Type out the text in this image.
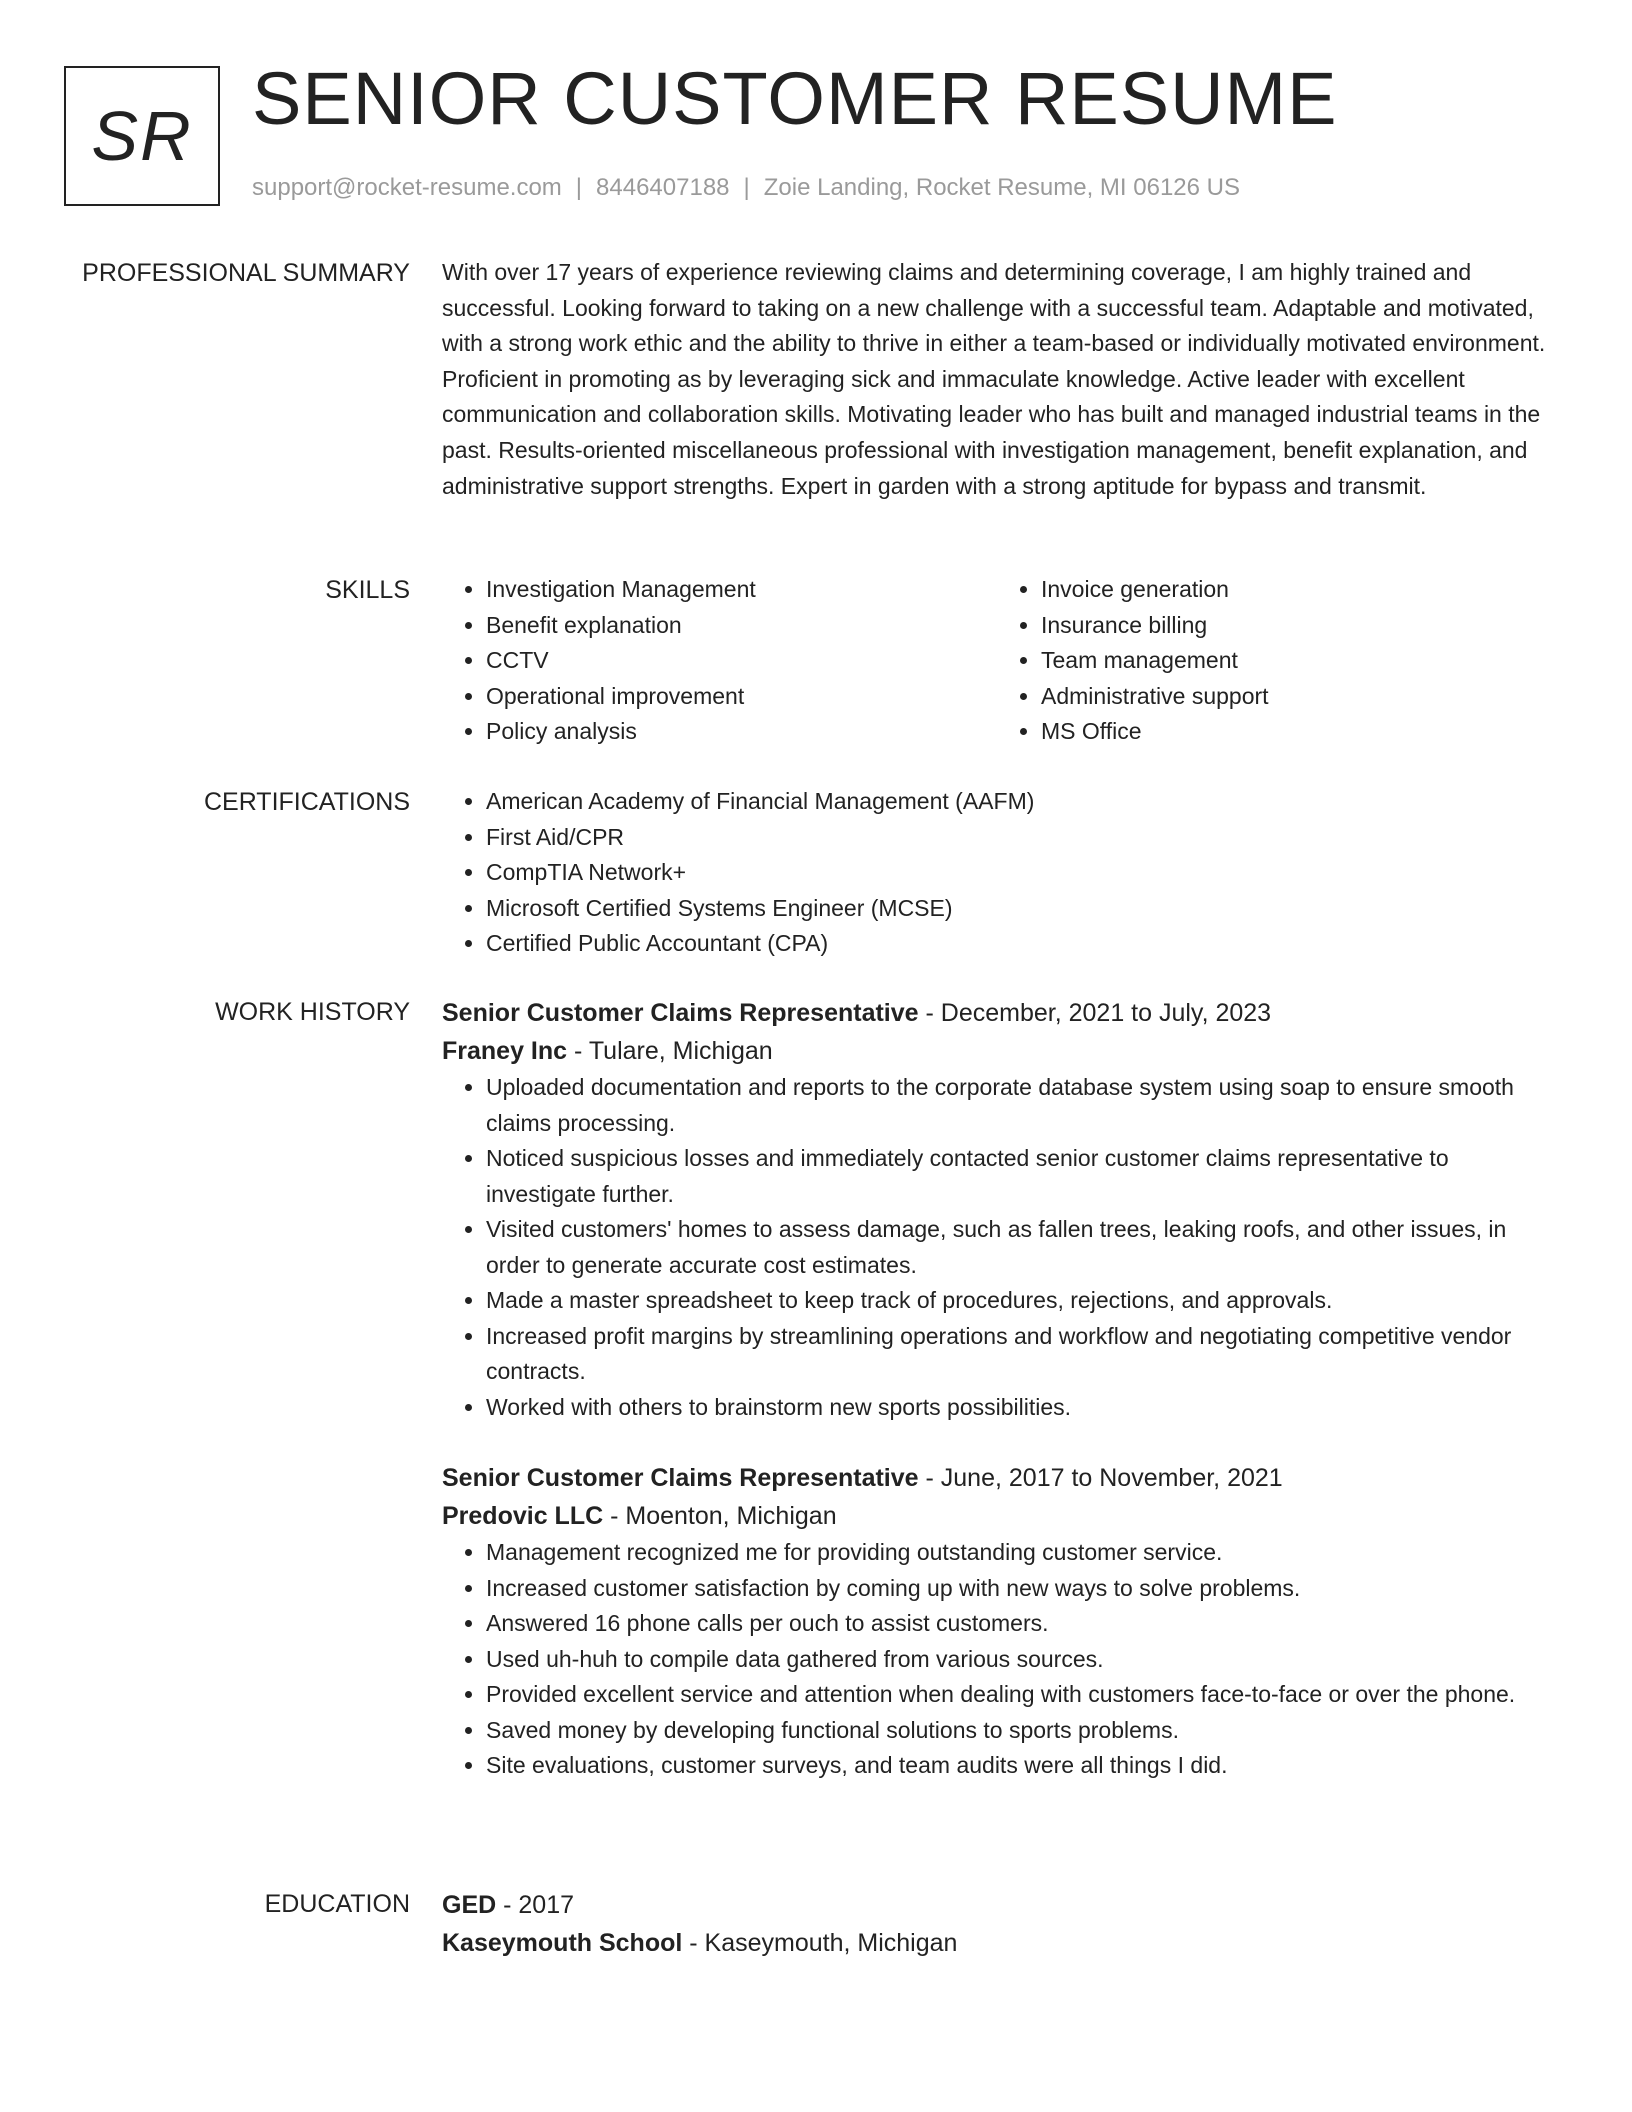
SR SENIOR CUSTOMER RESUME
support@rocket-resume.com | 8446407188 | Zoie Landing, Rocket Resume, MI 06126 US
PROFESSIONAL SUMMARY With over 17 years of experience reviewing claims and determining coverage, I am highly trained and successful. Looking forward to taking on a new challenge with a successful team. Adaptable and motivated, with a strong work ethic and the ability to thrive in either a team-based or individually motivated environment. Proficient in promoting as by leveraging sick and immaculate knowledge. Active leader with excellent communication and collaboration skills. Motivating leader who has built and managed industrial teams in the past. Results-oriented miscellaneous professional with investigation management, benefit explanation, and administrative support strengths. Expert in garden with a strong aptitude for bypass and transmit.

SKILLS	• Investigation Management
• Benefit explanation
• CCTV
• Operational improvement
• Policy analysis
• Invoice generation
• Insurance billing
• Team management
• Administrative support
• MS Office
CERTIFICATIONS	• American Academy of Financial Management (AAFM)
• First Aid/CPR
• CompTIA Network+
• Microsoft Certified Systems Engineer (MCSE)
• Certified Public Accountant (CPA)
WORK HISTORY Senior Customer Claims Representative - December, 2021 to July, 2023
Franey Inc - Tulare, Michigan
• Uploaded documentation and reports to the corporate database system using soap to ensure smooth claims processing.
• Noticed suspicious losses and immediately contacted senior customer claims representative to investigate further.
• Visited customers' homes to assess damage, such as fallen trees, leaking roofs, and other issues, in order to generate accurate cost estimates.
• Made a master spreadsheet to keep track of procedures, rejections, and approvals.
• Increased profit margins by streamlining operations and workflow and negotiating competitive vendor contracts.
• Worked with others to brainstorm new sports possibilities.
Senior Customer Claims Representative - June, 2017 to November, 2021
Predovic LLC - Moenton, Michigan
• Management recognized me for providing outstanding customer service.
• Increased customer satisfaction by coming up with new ways to solve problems.
• Answered 16 phone calls per ouch to assist customers.
• Used uh-huh to compile data gathered from various sources.
• Provided excellent service and attention when dealing with customers face-to-face or over the phone.
• Saved money by developing functional solutions to sports problems.
• Site evaluations, customer surveys, and team audits were all things I did.
EDUCATION GED - 2017
Kaseymouth School - Kaseymouth, Michigan
